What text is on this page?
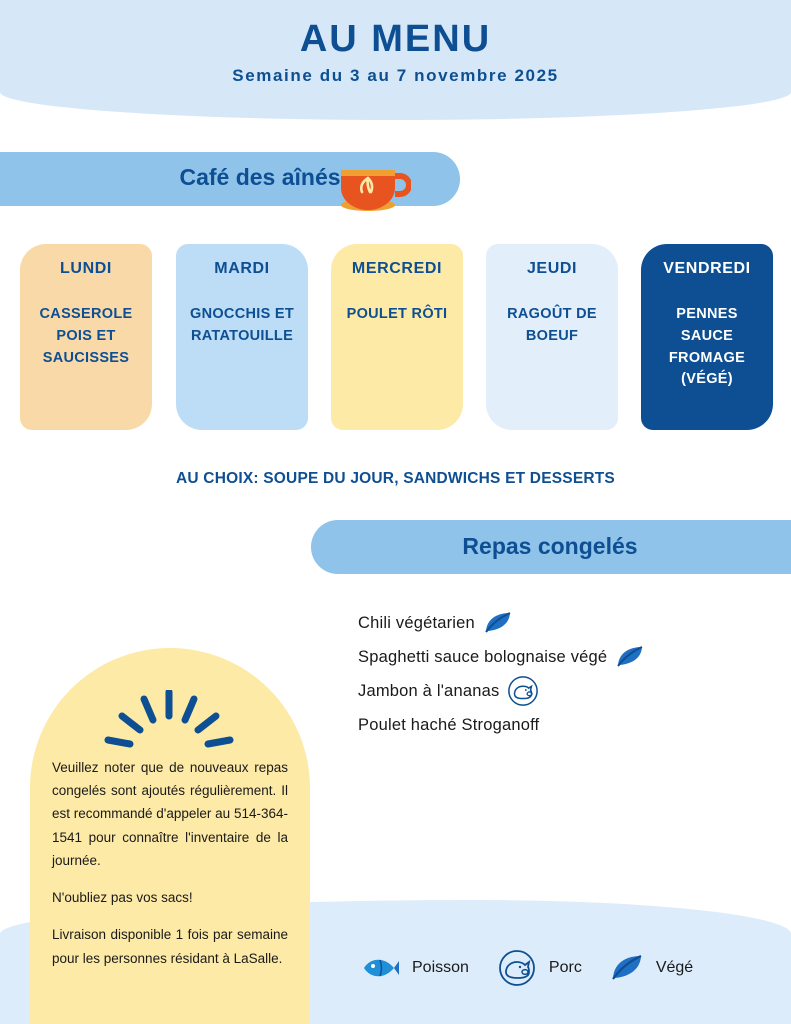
AU MENU
Semaine du 3 au 7 novembre 2025
Café des aînés
LUNDI
CASSEROLE POIS ET SAUCISSES
MARDI
GNOCCHIS ET RATATOUILLE
MERCREDI
POULET RÔTI
JEUDI
RAGOÛT DE BOEUF
VENDREDI
PENNES SAUCE FROMAGE (VÉGÉ)
AU CHOIX: SOUPE DU JOUR, SANDWICHS ET DESSERTS
Repas congelés
Chili végétarien
Spaghetti sauce bolognaise végé
Jambon à l'ananas
Poulet haché Stroganoff

Veuillez noter que de nouveaux repas congelés sont ajoutés régulièrement. Il est recommandé d'appeler au 514-364-1541 pour connaître l'inventaire de la journée.

N'oubliez pas vos sacs!

Livraison disponible 1 fois par semaine pour les personnes résidant à LaSalle.

Poisson	Porc	Végé
